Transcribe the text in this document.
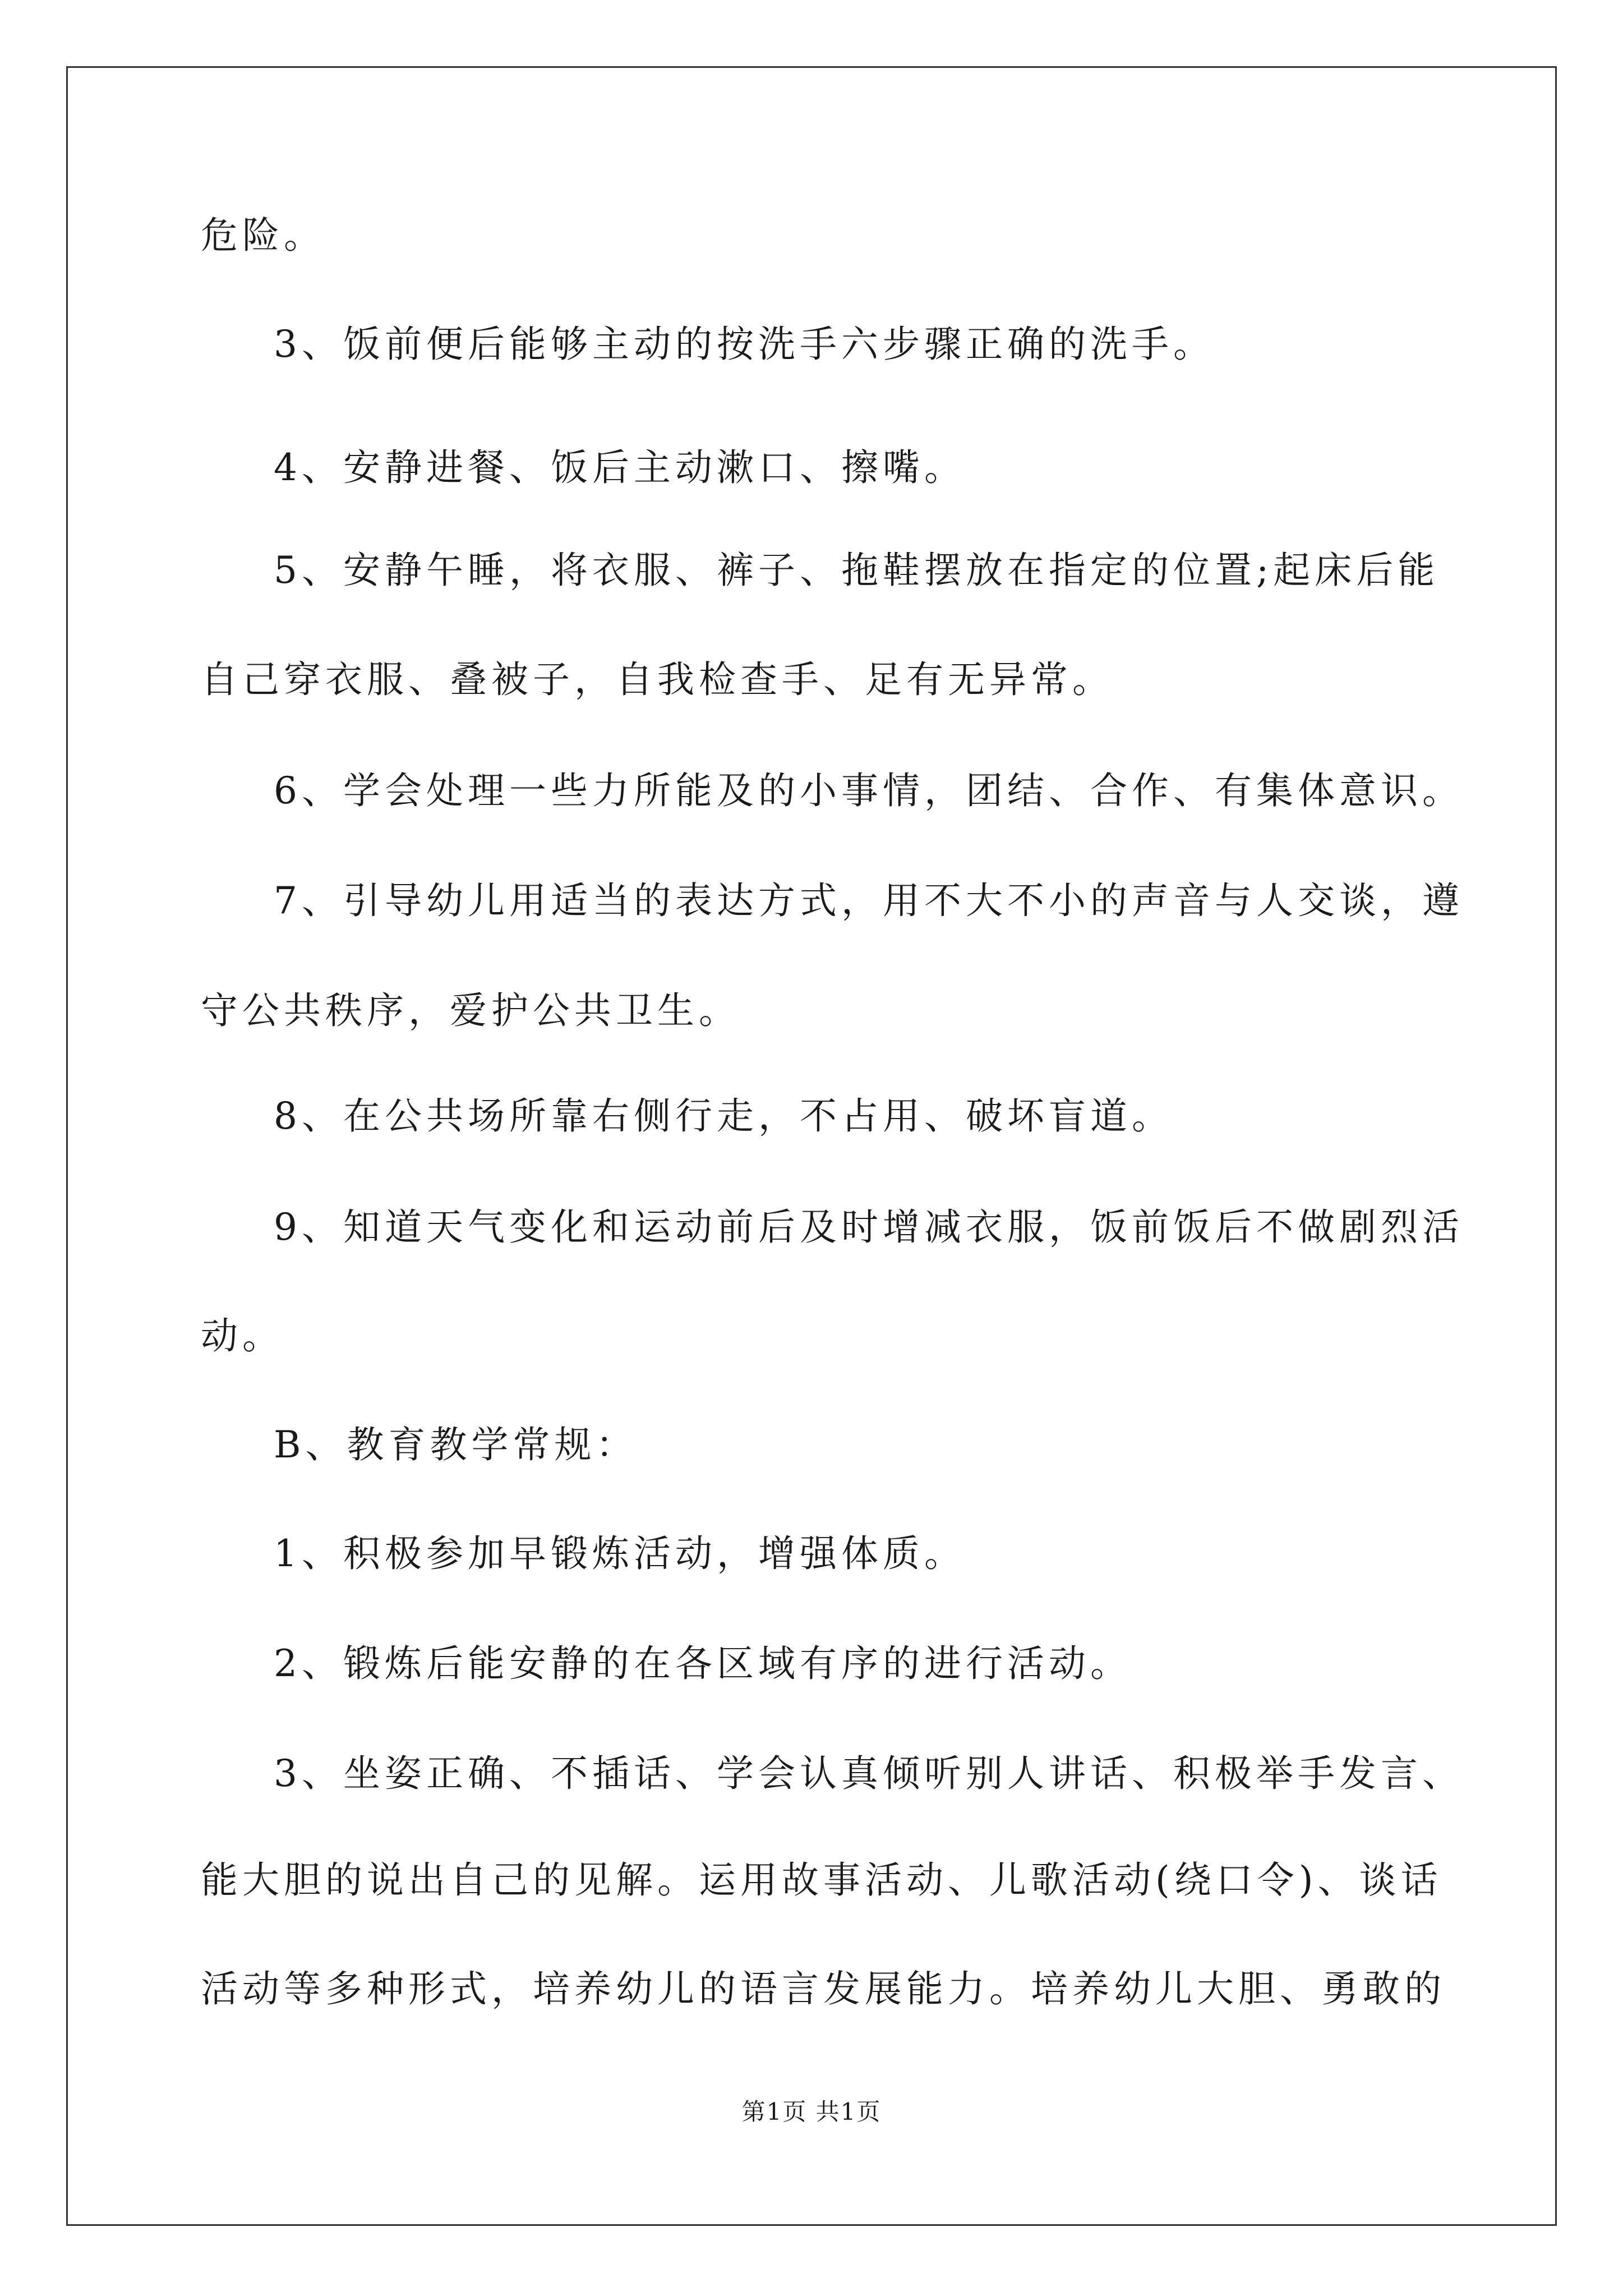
危险。
3、饭前便后能够主动的按洗手六步骤正确的洗手。
4、安静进餐、饭后主动漱口、擦嘴。
5、安静午睡，将衣服、裤子、拖鞋摆放在指定的位置;起床后能
自己穿衣服、叠被子，自我检查手、足有无异常。
6、学会处理一些力所能及的小事情，团结、合作、有集体意识。
7、引导幼儿用适当的表达方式，用不大不小的声音与人交谈，遵
守公共秩序，爱护公共卫生。
8、在公共场所靠右侧行走，不占用、破坏盲道。
9、知道天气变化和运动前后及时增减衣服，饭前饭后不做剧烈活
动。
B、教育教学常规：
1、积极参加早锻炼活动，增强体质。
2、锻炼后能安静的在各区域有序的进行活动。
3、坐姿正确、不插话、学会认真倾听别人讲话、积极举手发言、
能大胆的说出自己的见解。运用故事活动、儿歌活动(绕口令)、谈话
活动等多种形式，培养幼儿的语言发展能力。培养幼儿大胆、勇敢的
第1页 共1页
